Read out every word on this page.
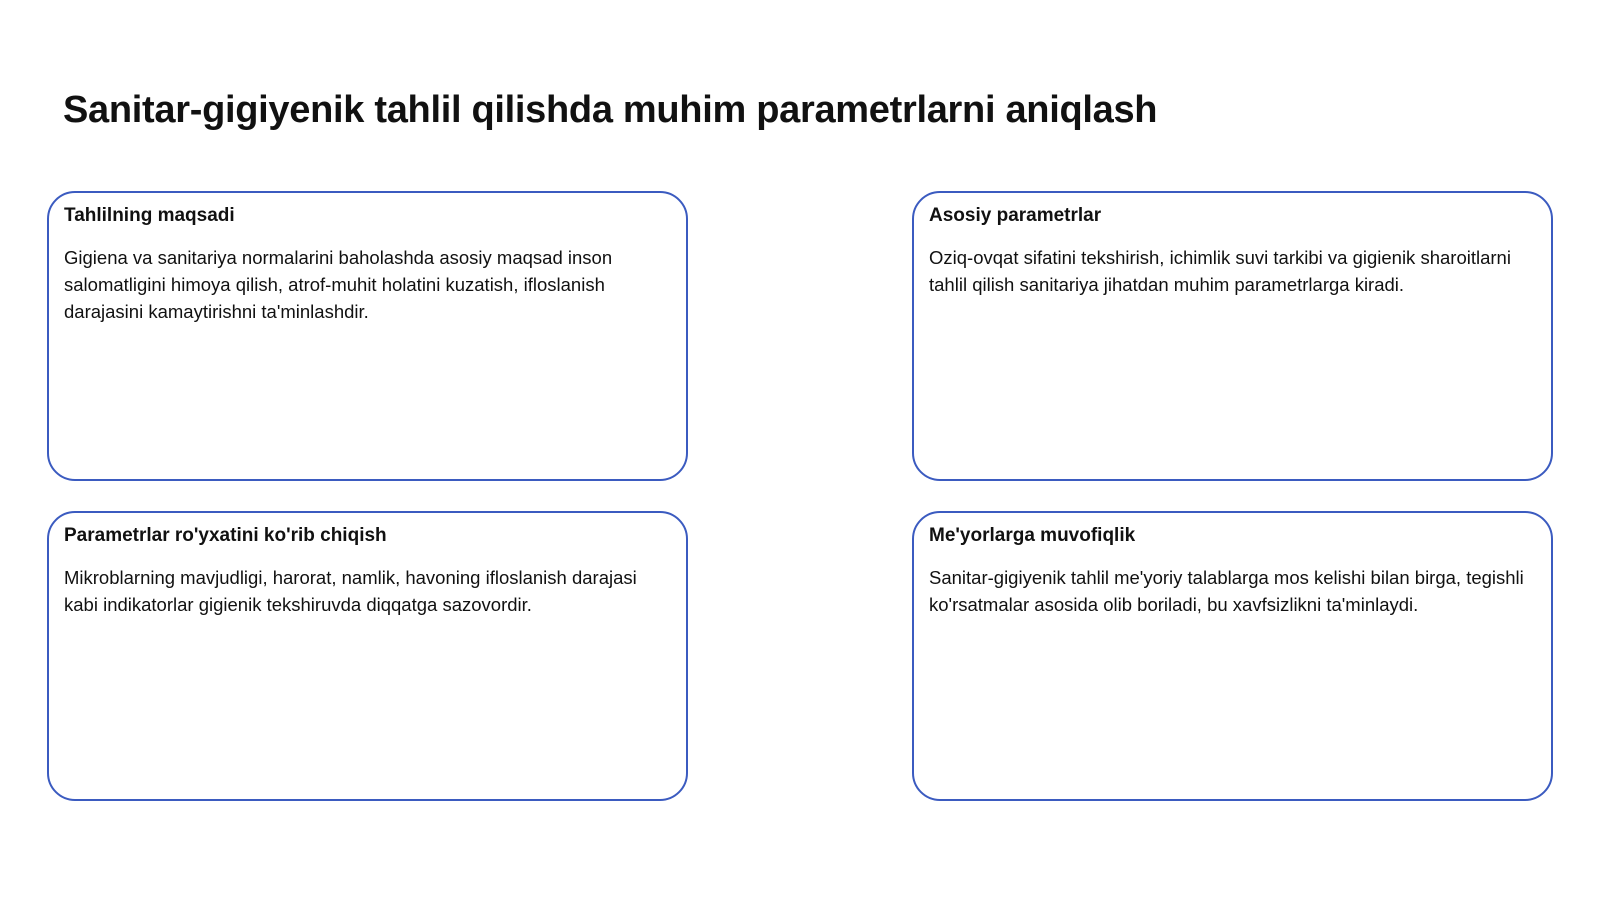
Sanitar-gigiyenik tahlil qilishda muhim parametrlarni aniqlash
Tahlilning maqsadi

Gigiena va sanitariya normalarini baholashda asosiy maqsad inson salomatligini himoya qilish, atrof-muhit holatini kuzatish, ifloslanish darajasini kamaytirishni ta'minlashdir.

Asosiy parametrlar

Oziq-ovqat sifatini tekshirish, ichimlik suvi tarkibi va gigienik sharoitlarni tahlil qilish sanitariya jihatdan muhim parametrlarga kiradi.

Parametrlar ro'yxatini ko'rib chiqish

Mikroblarning mavjudligi, harorat, namlik, havoning ifloslanish darajasi kabi indikatorlar gigienik tekshiruvda diqqatga sazovordir.

Me'yorlarga muvofiqlik

Sanitar-gigiyenik tahlil me'yoriy talablarga mos kelishi bilan birga, tegishli ko'rsatmalar asosida olib boriladi, bu xavfsizlikni ta'minlaydi.
